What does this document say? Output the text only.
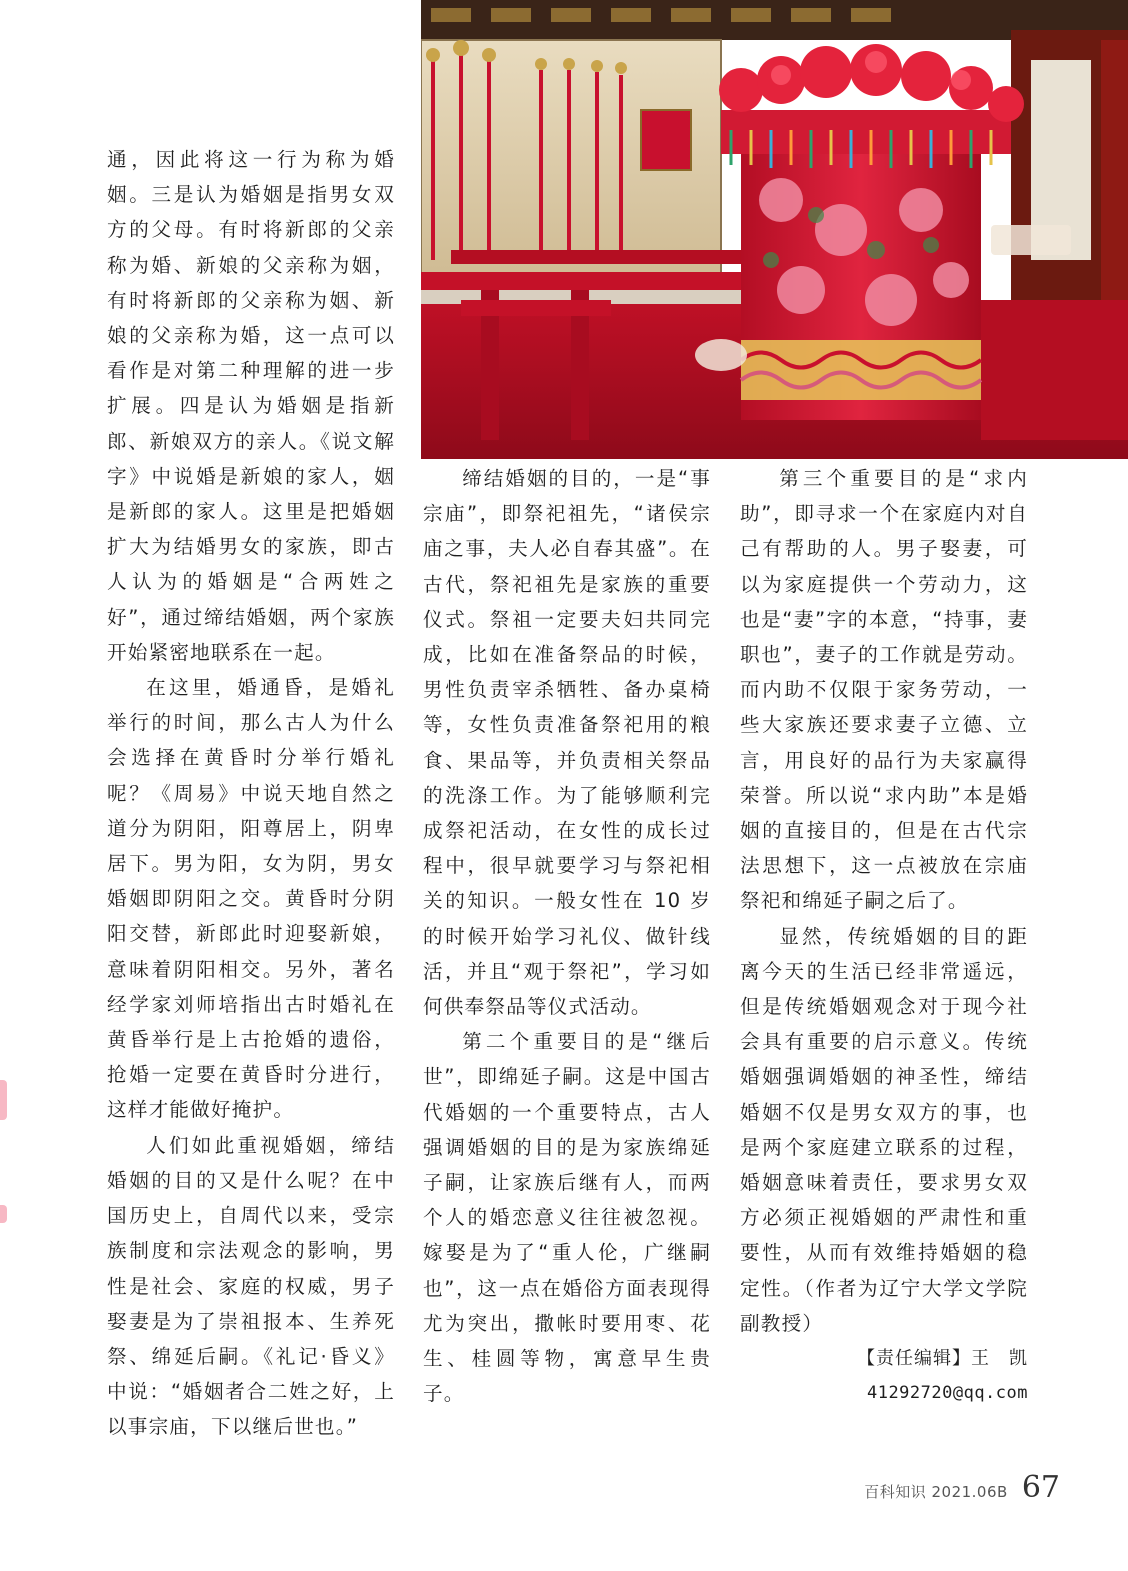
通，因此将这一行为称为婚姻。三是认为婚姻是指男女双方的父母。有时将新郎的父亲称为婚、新娘的父亲称为姻，有时将新郎的父亲称为姻、新娘的父亲称为婚，这一点可以看作是对第二种理解的进一步扩展。四是认为婚姻是指新郎、新娘双方的亲人。《说文解字》中说婚是新娘的家人，姻是新郎的家人。这里是把婚姻扩大为结婚男女的家族，即古人认为的婚姻是“合两姓之好”，通过缔结婚姻，两个家族开始紧密地联系在一起。

在这里，婚通昏，是婚礼举行的时间，那么古人为什么会选择在黄昏时分举行婚礼呢？《周易》中说天地自然之道分为阴阳，阳尊居上，阴卑居下。男为阳，女为阴，男女婚姻即阴阳之交。黄昏时分阴阳交替，新郎此时迎娶新娘，意味着阴阳相交。另外，著名经学家刘师培指出古时婚礼在黄昏举行是上古抢婚的遗俗，抢婚一定要在黄昏时分进行，这样才能做好掩护。

人们如此重视婚姻，缔结婚姻的目的又是什么呢？在中国历史上，自周代以来，受宗族制度和宗法观念的影响，男性是社会、家庭的权威，男子娶妻是为了崇祖报本、生养死祭、绵延后嗣。《礼记·昏义》中说：“婚姻者合二姓之好，上以事宗庙，下以继后世也。”

缔结婚姻的目的，一是“事宗庙”，即祭祀祖先，“诸侯宗庙之事，夫人必自春其盛”。在古代，祭祀祖先是家族的重要仪式。祭祖一定要夫妇共同完成，比如在准备祭品的时候，男性负责宰杀牺牲、备办桌椅等，女性负责准备祭祀用的粮食、果品等，并负责相关祭品的洗涤工作。为了能够顺利完成祭祀活动，在女性的成长过程中，很早就要学习与祭祀相关的知识。一般女性在 10 岁的时候开始学习礼仪、做针线活，并且“观于祭祀”，学习如何供奉祭品等仪式活动。

第二个重要目的是“继后世”，即绵延子嗣。这是中国古代婚姻的一个重要特点，古人强调婚姻的目的是为家族绵延子嗣，让家族后继有人，而两个人的婚恋意义往往被忽视。嫁娶是为了“重人伦，广继嗣也”，这一点在婚俗方面表现得尤为突出，撒帐时要用枣、花生、桂圆等物，寓意早生贵子。

第三个重要目的是“求内助”，即寻求一个在家庭内对自己有帮助的人。男子娶妻，可以为家庭提供一个劳动力，这也是“妻”字的本意，“持事，妻职也”，妻子的工作就是劳动。而内助不仅限于家务劳动，一些大家族还要求妻子立德、立言，用良好的品行为夫家赢得荣誉。所以说“求内助”本是婚姻的直接目的，但是在古代宗法思想下，这一点被放在宗庙祭祀和绵延子嗣之后了。

显然，传统婚姻的目的距离今天的生活已经非常遥远，但是传统婚姻观念对于现今社会具有重要的启示意义。传统婚姻强调婚姻的神圣性，缔结婚姻不仅是男女双方的事，也是两个家庭建立联系的过程，婚姻意味着责任，要求男女双方必须正视婚姻的严肃性和重要性，从而有效维持婚姻的稳定性。（作者为辽宁大学文学院副教授）

【责任编辑】王　凯
41292720@qq.com
百科知识 2021.06B 67
